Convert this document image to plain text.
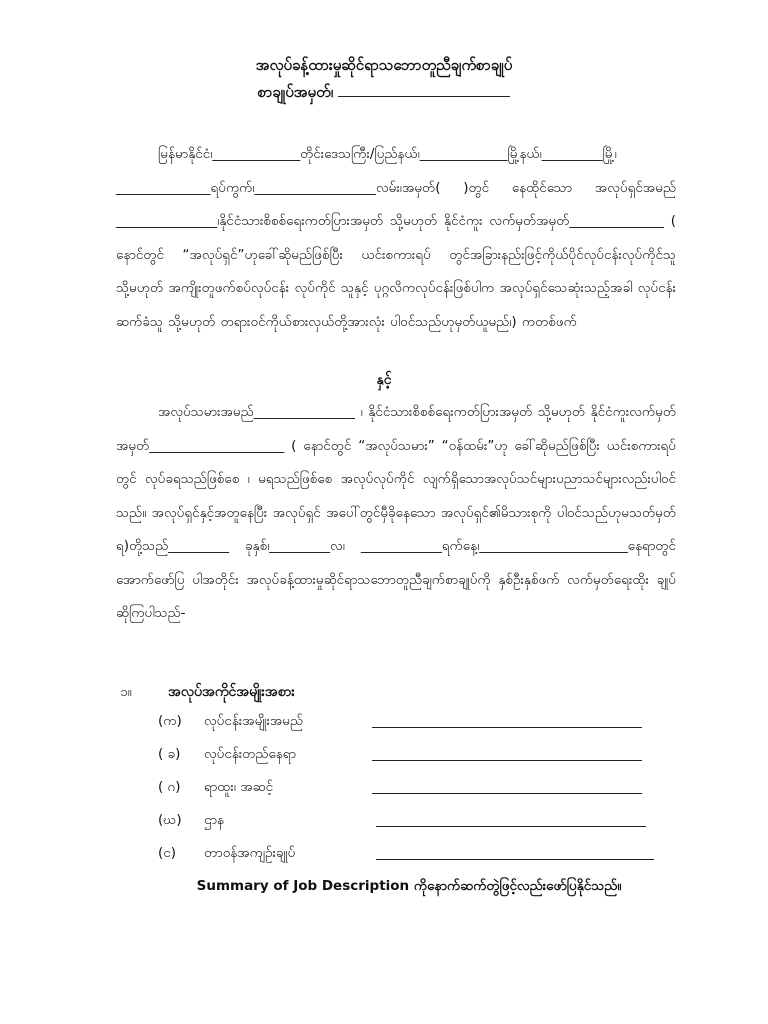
အလုပ်ခန့်ထားမှုဆိုင်ရာသဘောတူညီချက်စာချုပ်
စာချုပ်အမှတ်၊

မြန်မာနိုင်ငံ၊_____________တိုင်းဒေသကြီး/ပြည်နယ်၊_____________မြို့နယ်၊_________မြို့၊ ______________ရပ်ကွက်၊__________________လမ်း၊အမှတ်( )တွင် နေထိုင်သော အလုပ်ရှင်အမည် _______________၊နိုင်ငံသားစိစစ်ရေးကတ်ပြားအမှတ် သို့မဟုတ် နိုင်ငံကူး လက်မှတ်အမှတ်______________ ( နောင်တွင် “အလုပ်ရှင်”ဟုခေါ်ဆိုမည်ဖြစ်ပြီး ယင်းစကားရပ် တွင်အခြားနည်းဖြင့်ကိုယ်ပိုင်လုပ်ငန်းလုပ်ကိုင်သူ သို့မဟုတ် အကျိုးတူဖက်စပ်လုပ်ငန်း လုပ်ကိုင် သူနှင့် ပုဂ္ဂလိကလုပ်ငန်းဖြစ်ပါက အလုပ်ရှင်သေဆုံးသည့်အခါ လုပ်ငန်းဆက်ခံသူ သို့မဟုတ် တရားဝင်ကိုယ်စားလှယ်တို့အားလုံး ပါဝင်သည်ဟုမှတ်ယူမည်၊) ကတစ်ဖက်

နှင့်

အလုပ်သမားအမည်_______________ ၊ နိုင်ငံသားစိစစ်ရေးကတ်ပြားအမှတ် သို့မဟုတ် နိုင်ငံကူးလက်မှတ်အမှတ်____________________ ( နောင်တွင် “အလုပ်သမား” “ဝန်ထမ်း”ဟု ခေါ်ဆိုမည်ဖြစ်ပြီး ယင်းစကားရပ်တွင် လုပ်ခရသည်ဖြစ်စေ ၊ မရသည်ဖြစ်စေ အလုပ်လုပ်ကိုင် လျက်ရှိသောအလုပ်သင်များပညာသင်များလည်းပါဝင်သည်။ အလုပ်ရှင်နှင့်အတူနေပြီး အလုပ်ရှင် အပေါ်တွင်မှီခိုနေသော အလုပ်ရှင်၏မိသားစုကို ပါဝင်သည်ဟုမသတ်မှတ်ရ)တို့သည်_________ ခုနှစ်၊_________လ၊ ____________ရက်နေ့၊______________________နေရာတွင် အောက်ဖော်ပြ ပါအတိုင်း အလုပ်ခန့်ထားမှုဆိုင်ရာသဘောတူညီချက်စာချုပ်ကို နှစ်ဦးနှစ်ဖက် လက်မှတ်ရေးထိုး ချုပ်ဆိုကြပါသည်-

၁။	အလုပ်အကိုင်အမျိုးအစား
(က) လုပ်ငန်းအမျိုးအမည်
( ခ) လုပ်ငန်းတည်နေရာ
( ဂ) ရာထူး၊ အဆင့်
(ဃ) ဌာန
(င) တာဝန်အကျဉ်းချုပ်
Summary of Job Description ကိုနောက်ဆက်တွဲဖြင့်လည်းဖော်ပြနိုင်သည်။
